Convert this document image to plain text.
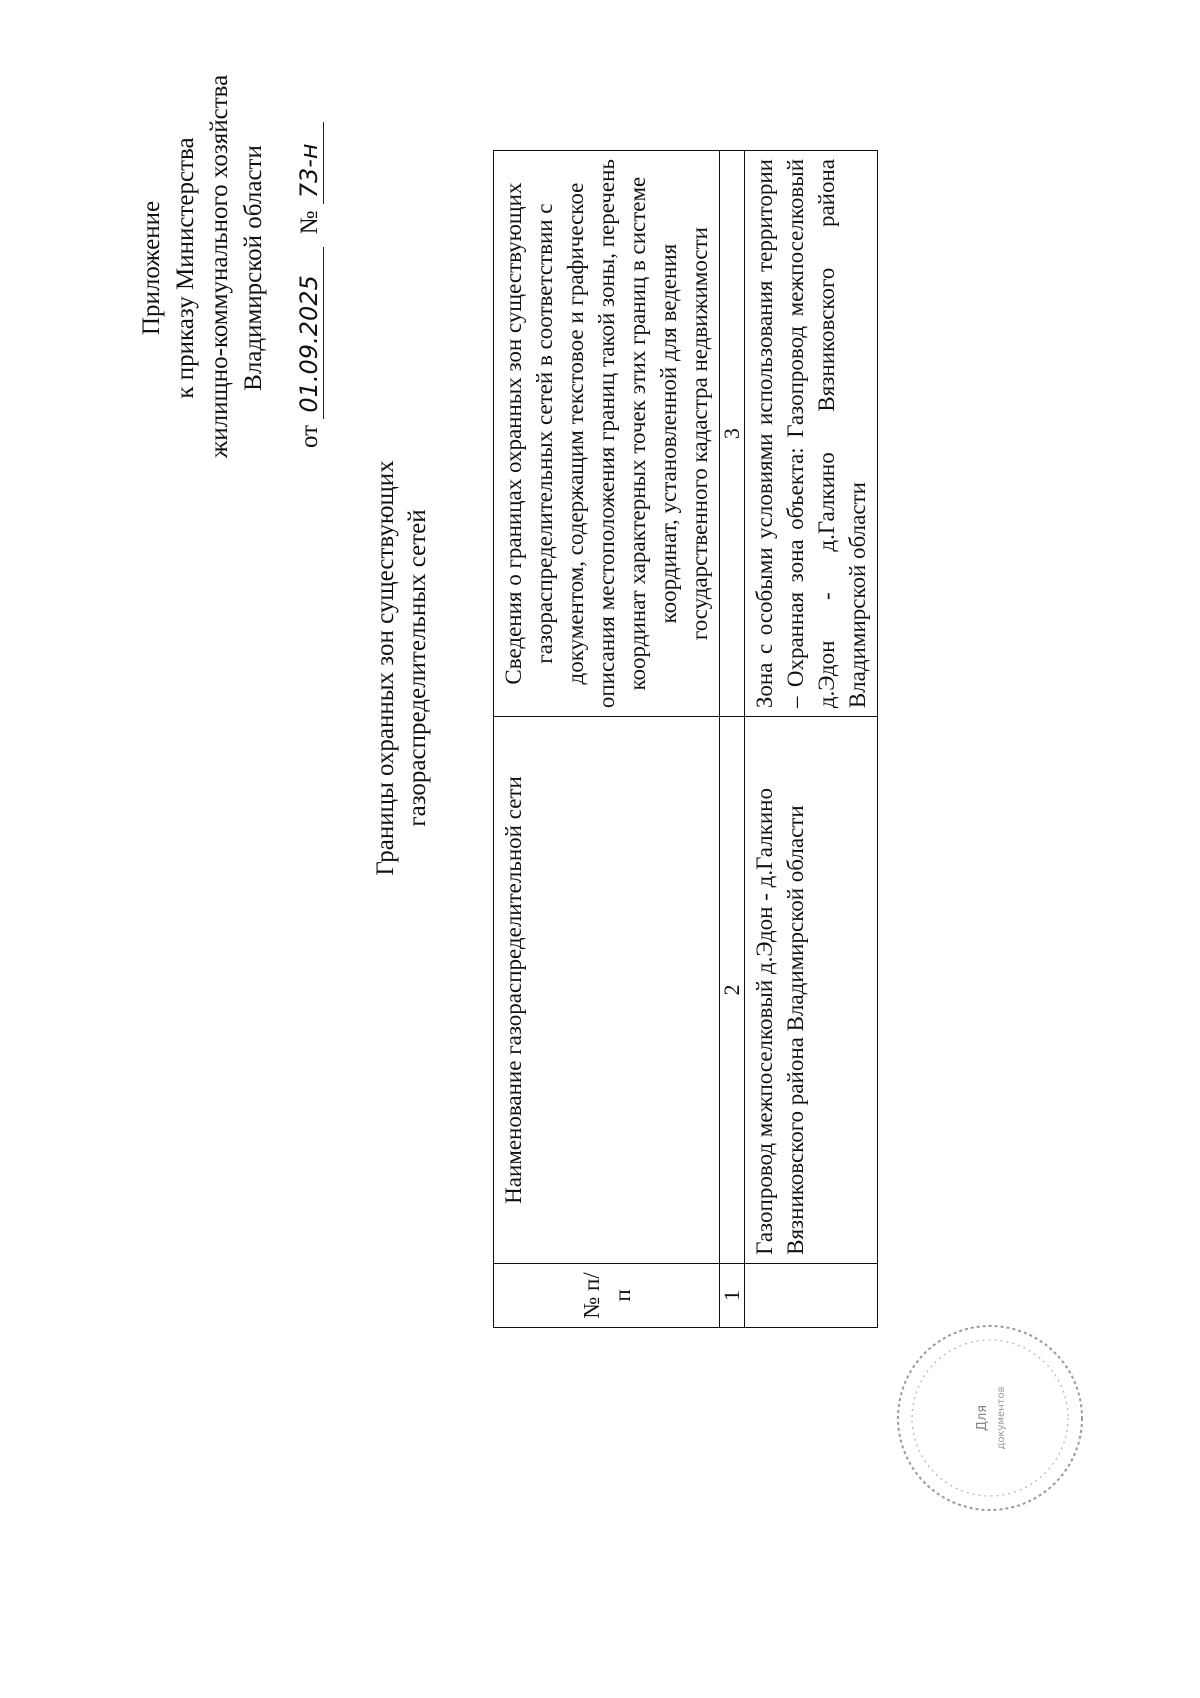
Приложение к приказу Министерства жилищно-коммунального хозяйства Владимирской области
от 01.09.2025 № 73-н
Границы охранных зон существующих газораспределительных сетей
№ п/п	Наименование газораспределительной сети	Сведения о границах охранных зон существующих газораспределительных сетей в соответствии с документом, содержащим текстовое и графическое описания местоположения границ такой зоны, перечень координат характерных точек этих границ в системе координат, установленной для ведения государственного кадастра недвижимости
1	2	3
	Газопровод межпоселковый д.Эдон - д.Галкино Вязниковского района Владимирской области	Зона с особыми условиями использования территории – Охранная зона объекта: Газопровод межпоселковый д.Эдон - д.Галкино Вязниковского района Владимирской области
Для документов
